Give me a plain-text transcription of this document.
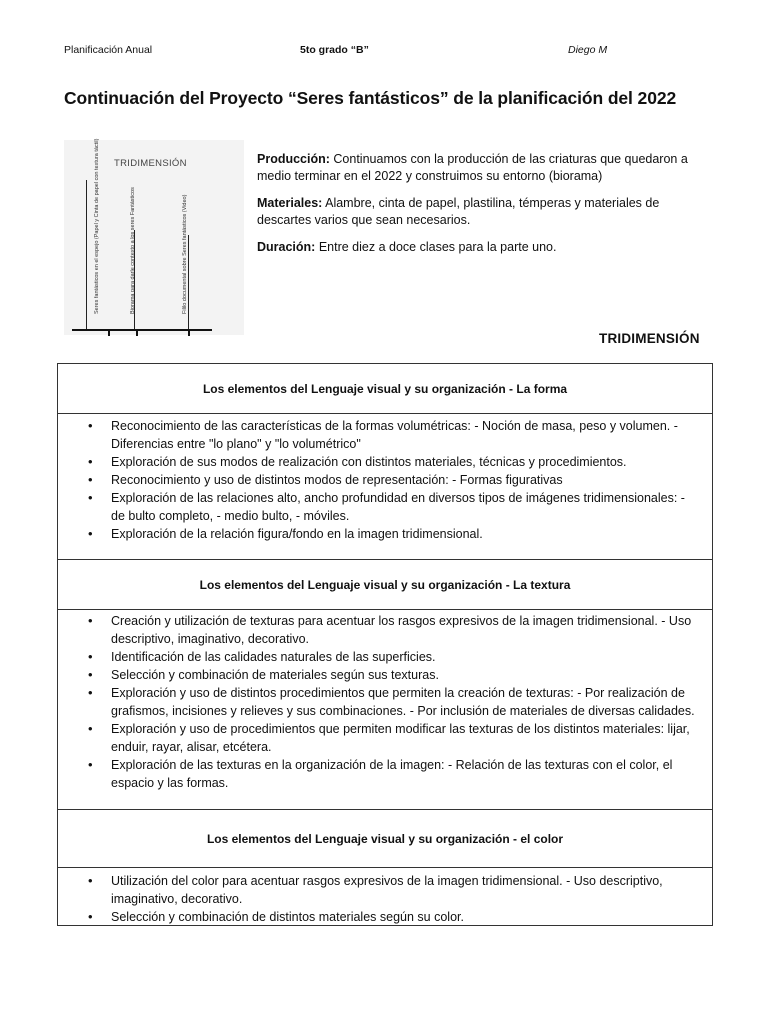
Planificación Anual	5to grado “B”	Diego M
Continuación del Proyecto “Seres fantásticos” de la planificación del 2022
TRIDIMENSIÓN
Seres fantásticos en el espejo (Papel y Cinta de papel con textura táctil)	Biorama para darle contexto a los seres Fantásticos	Fililo documental sobre Seres fantásticos (Video)

Producción: Continuamos con la producción de las criaturas que quedaron a medio terminar en el 2022 y construimos su entorno (biorama)

Materiales: Alambre, cinta de papel, plastilina, témperas y materiales de descartes varios que sean necesarios.

Duración: Entre diez a doce clases para la parte uno.

TRIDIMENSIÓN
Los elementos del Lenguaje visual y su organización - La forma
• Reconocimiento de las características de la formas volumétricas: - Noción de masa, peso y volumen. - Diferencias entre "lo plano" y "lo volumétrico"
• Exploración de sus modos de realización con distintos materiales, técnicas y procedimientos.
• Reconocimiento y uso de distintos modos de representación: - Formas figurativas
• Exploración de las relaciones alto, ancho profundidad en diversos tipos de imágenes tridimensionales: - de bulto completo, - medio bulto, - móviles.
• Exploración de la relación figura/fondo en la imagen tridimensional.
Los elementos del Lenguaje visual y su organización - La textura
• Creación y utilización de texturas para acentuar los rasgos expresivos de la imagen tridimensional. - Uso descriptivo, imaginativo, decorativo.
• Identificación de las calidades naturales de las superficies.
• Selección y combinación de materiales según sus texturas.
• Exploración y uso de distintos procedimientos que permiten la creación de texturas: - Por realización de grafismos, incisiones y relieves y sus combinaciones. - Por inclusión de materiales de diversas calidades.
• Exploración y uso de procedimientos que permiten modificar las texturas de los distintos materiales: lijar, enduir, rayar, alisar, etcétera.
• Exploración de las texturas en la organización de la imagen: - Relación de las texturas con el color, el espacio y las formas.
Los elementos del Lenguaje visual y su organización - el color
• Utilización del color para acentuar rasgos expresivos de la imagen tridimensional. - Uso descriptivo, imaginativo, decorativo.
• Selección y combinación de distintos materiales según su color.
